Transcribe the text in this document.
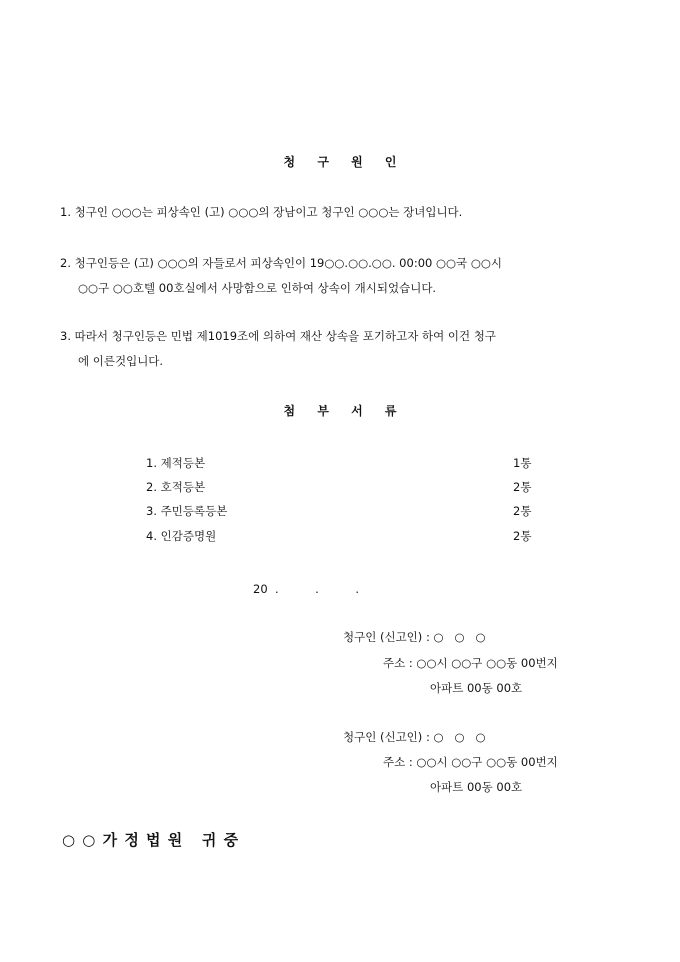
청 구 원 인
1. 청구인 ○○○는 피상속인 (고) ○○○의 장남이고 청구인 ○○○는 장녀입니다.
2. 청구인등은 (고) ○○○의 자들로서 피상속인이 19○○.○○.○○. 00:00 ○○국 ○○시
○○구 ○○호텔 00호실에서 사망함으로 인하여 상속이 개시되었습니다.
3. 따라서 청구인등은 민법 제1019조에 의하여 재산 상속을 포기하고자 하여 이건 청구
에 이른것입니다.
첨 부 서 류
1. 제적등본	1통
2. 호적등본	2통
3. 주민등록등본	2통
4. 인감증명원	2통
20  .          .          .
청구인 (신고인) : ○   ○   ○
주소 : ○○시 ○○구 ○○동 00번지
아파트 00동 00호
청구인 (신고인) : ○   ○   ○
주소 : ○○시 ○○구 ○○동 00번지
아파트 00동 00호
○ ○ 가 정 법 원   귀 중
